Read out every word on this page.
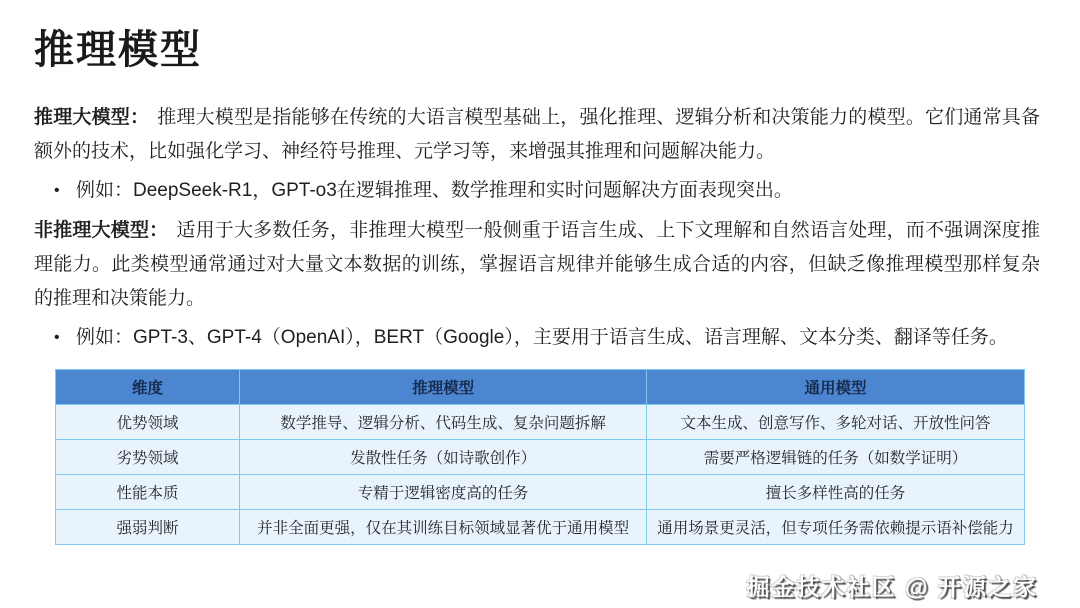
推理模型

推理大模型： 推理大模型是指能够在传统的大语言模型基础上，强化推理、逻辑分析和决策能力的模型。它们通常具备额外的技术，比如强化学习、神经符号推理、元学习等，来增强其推理和问题解决能力。

• 例如：DeepSeek-R1，GPT-o3在逻辑推理、数学推理和实时问题解决方面表现突出。

非推理大模型： 适用于大多数任务，非推理大模型一般侧重于语言生成、上下文理解和自然语言处理，而不强调深度推理能力。此类模型通常通过对大量文本数据的训练，掌握语言规律并能够生成合适的内容，但缺乏像推理模型那样复杂的推理和决策能力。

• 例如：GPT-3、GPT-4（OpenAI），BERT（Google），主要用于语言生成、语言理解、文本分类、翻译等任务。
维度	推理模型	通用模型
优势领域	数学推导、逻辑分析、代码生成、复杂问题拆解	文本生成、创意写作、多轮对话、开放性问答
劣势领域	发散性任务（如诗歌创作）	需要严格逻辑链的任务（如数学证明）
性能本质	专精于逻辑密度高的任务	擅长多样性高的任务
强弱判断	并非全面更强，仅在其训练目标领域显著优于通用模型	通用场景更灵活，但专项任务需依赖提示语补偿能力
掘金技术社区 @ 开源之家
